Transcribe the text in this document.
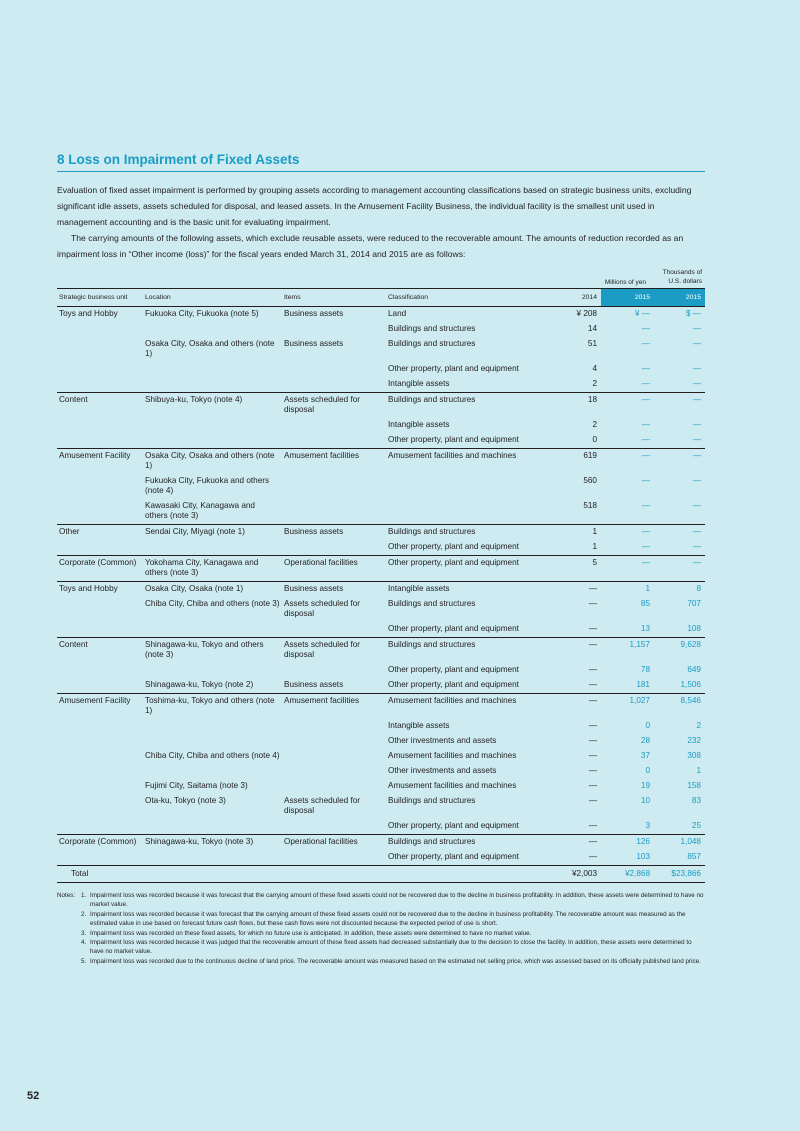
8 Loss on Impairment of Fixed Assets

Evaluation of fixed asset impairment is performed by grouping assets according to management accounting classifications based on strategic business units, excluding significant idle assets, assets scheduled for disposal, and leased assets. In the Amusement Facility Business, the individual facility is the smallest unit used in management accounting and is the basic unit for evaluating impairment.

The carrying amounts of the following assets, which exclude reusable assets, were reduced to the recoverable amount. The amounts of reduction recorded as an impairment loss in “Other income (loss)” for the fiscal years ended March 31, 2014 and 2015 are as follows:

Millions of yen
Thousands of
U.S. dollars
Strategic business unit	Location	Items	Classification	2014	2015	2015
Toys and Hobby	Fukuoka City, Fukuoka (note 5)	Business assets	Land	¥ 208	¥ —	$ —
			Buildings and structures	14	—	—
	Osaka City, Osaka and others (note 1)	Business assets	Buildings and structures	51	—	—
			Other property, plant and equipment	4	—	—
			Intangible assets	2	—	—
Content	Shibuya-ku, Tokyo (note 4)	Assets scheduled for disposal	Buildings and structures	18	—	—
			Intangible assets	2	—	—
			Other property, plant and equipment	0	—	—
Amusement Facility	Osaka City, Osaka and others (note 1)	Amusement facilities	Amusement facilities and machines	619	—	—
	Fukuoka City, Fukuoka and others (note 4)			560	—	—
	Kawasaki City, Kanagawa and others (note 3)			518	—	—
Other	Sendai City, Miyagi (note 1)	Business assets	Buildings and structures	1	—	—
			Other property, plant and equipment	1	—	—
Corporate (Common)	Yokohama City, Kanagawa and others (note 3)	Operational facilities	Other property, plant and equipment	5	—	—
Toys and Hobby	Osaka City, Osaka (note 1)	Business assets	Intangible assets	—	1	8
	Chiba City, Chiba and others (note 3)	Assets scheduled for disposal	Buildings and structures	—	85	707
			Other property, plant and equipment	—	13	108
Content	Shinagawa-ku, Tokyo and others (note 3)	Assets scheduled for disposal	Buildings and structures	—	1,157	9,628
			Other property, plant and equipment	—	78	649
	Shinagawa-ku, Tokyo (note 2)	Business assets	Other property, plant and equipment	—	181	1,506
Amusement Facility	Toshima-ku, Tokyo and others (note 1)	Amusement facilities	Amusement facilities and machines	—	1,027	8,546
			Intangible assets	—	0	2
			Other investments and assets	—	28	232
	Chiba City, Chiba and others (note 4)		Amusement facilities and machines	—	37	308
			Other investments and assets	—	0	1
	Fujimi City, Saitama (note 3)		Amusement facilities and machines	—	19	158
	Ota-ku, Tokyo (note 3)	Assets scheduled for disposal	Buildings and structures	—	10	83
			Other property, plant and equipment	—	3	25
Corporate (Common)	Shinagawa-ku, Tokyo (note 3)	Operational facilities	Buildings and structures	—	126	1,048
			Other property, plant and equipment	—	103	857
Total				¥2,003	¥2,868	$23,866
Notes: 1. Impairment loss was recorded because it was forecast that the carrying amount of these fixed assets could not be recovered due to the decline in business profitability. In addition, these assets were determined to have no market value.
2. Impairment loss was recorded because it was forecast that the carrying amount of these fixed assets could not be recovered due to the decline in business profitability. The recoverable amount was measured as the estimated value in use based on forecast future cash flows, but these cash flows were not discounted because the expected period of use is short.
3. Impairment loss was recorded on these fixed assets, for which no future use is anticipated. In addition, these assets were determined to have no market value.
4. Impairment loss was recorded because it was judged that the recoverable amount of these fixed assets had decreased substantially due to the decision to close the facility. In addition, these assets were determined to have no market value.
5. Impairment loss was recorded due to the continuous decline of land price. The recoverable amount was measured based on the estimated net selling price, which was assessed based on its officially published land price.
52
